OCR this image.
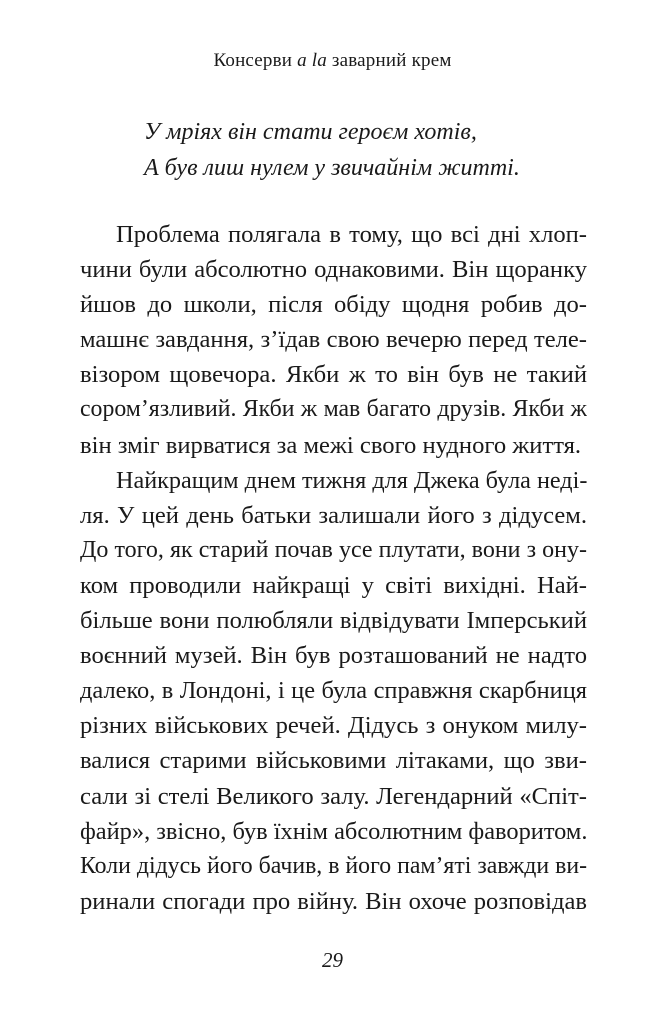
Консерви a la заварний крем
У мріях він стати героєм хотів,
А був лиш нулем у звичайнім житті.
Проблема полягала в тому, що всі дні хлоп-
чини були абсолютно однаковими. Він щоранку
йшов до школи, після обіду щодня робив до-
машнє завдання, з’їдав свою вечерю перед теле-
візором щовечора. Якби ж то він був не такий
сором’язливий. Якби ж мав багато друзів. Якби ж
він зміг вирватися за межі свого нудного життя.
Найкращим днем тижня для Джека була неді-
ля. У цей день батьки залишали його з дідусем.
До того, як старий почав усе плутати, вони з ону-
ком проводили найкращі у світі вихідні. Най-
більше вони полюбляли відвідувати Імперський
воєнний музей. Він був розташований не надто
далеко, в Лондоні, і це була справжня скарбниця
різних військових речей. Дідусь з онуком милу-
валися старими військовими літаками, що зви-
сали зі стелі Великого залу. Легендарний «Спіт-
файр», звісно, був їхнім абсолютним фаворитом.
Коли дідусь його бачив, в його пам’яті завжди ви-
ринали спогади про війну. Він охоче розповідав
29
